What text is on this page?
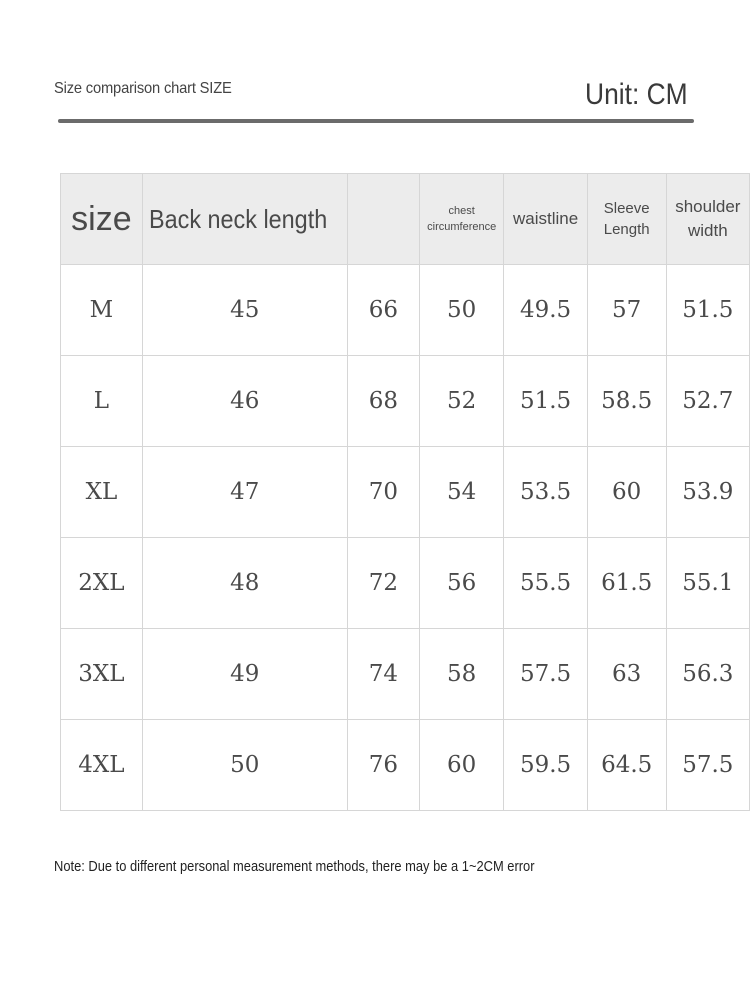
Size comparison chart SIZE	Unit: CM
size	Back neck length		chest circumference	waistline	Sleeve Length	shoulder width
M	45	66	50	49.5	57	51.5
L	46	68	52	51.5	58.5	52.7
XL	47	70	54	53.5	60	53.9
2XL	48	72	56	55.5	61.5	55.1
3XL	49	74	58	57.5	63	56.3
4XL	50	76	60	59.5	64.5	57.5
Note: Due to different personal measurement methods, there may be a 1~2CM error
